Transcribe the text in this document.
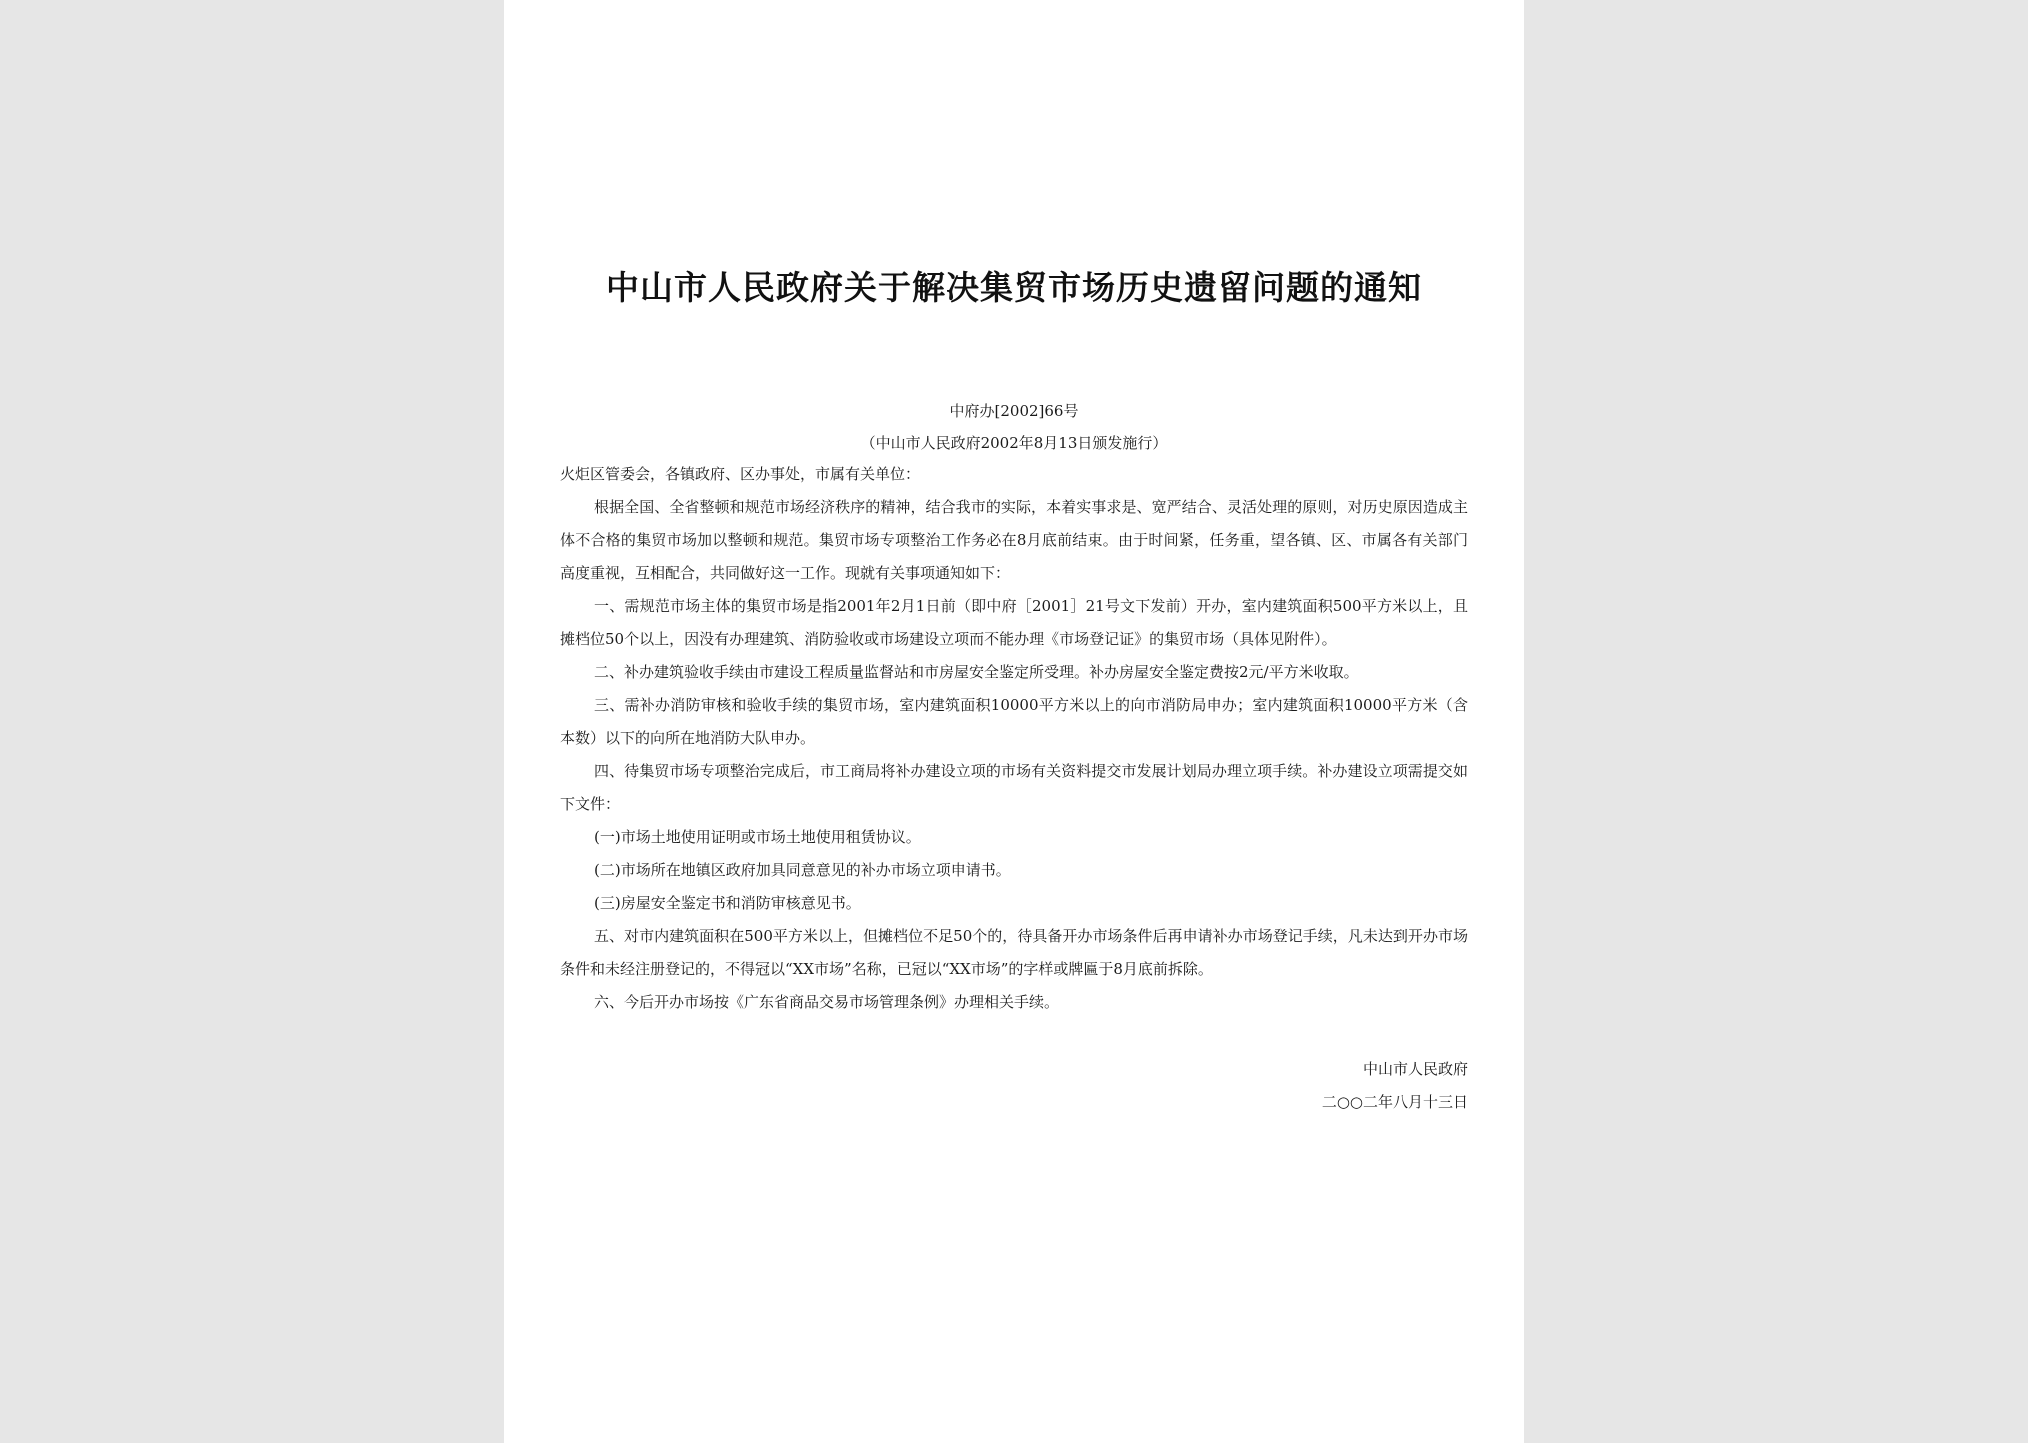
中山市人民政府关于解决集贸市场历史遗留问题的通知
中府办[2002]66号
（中山市人民政府2002年8月13日颁发施行）

火炬区管委会，各镇政府、区办事处，市属有关单位：

根据全国、全省整顿和规范市场经济秩序的精神，结合我市的实际，本着实事求是、宽严结合、灵活处理的原则，对历史原因造成主体不合格的集贸市场加以整顿和规范。集贸市场专项整治工作务必在8月底前结束。由于时间紧，任务重，望各镇、区、市属各有关部门高度重视，互相配合，共同做好这一工作。现就有关事项通知如下：

一、需规范市场主体的集贸市场是指2001年2月1日前（即中府［2001］21号文下发前）开办，室内建筑面积500平方米以上，且摊档位50个以上，因没有办理建筑、消防验收或市场建设立项而不能办理《市场登记证》的集贸市场（具体见附件）。

二、补办建筑验收手续由市建设工程质量监督站和市房屋安全鉴定所受理。补办房屋安全鉴定费按2元/平方米收取。

三、需补办消防审核和验收手续的集贸市场，室内建筑面积10000平方米以上的向市消防局申办；室内建筑面积10000平方米（含本数）以下的向所在地消防大队申办。

四、待集贸市场专项整治完成后，市工商局将补办建设立项的市场有关资料提交市发展计划局办理立项手续。补办建设立项需提交如下文件：

(一)市场土地使用证明或市场土地使用租赁协议。

(二)市场所在地镇区政府加具同意意见的补办市场立项申请书。

(三)房屋安全鉴定书和消防审核意见书。

五、对市内建筑面积在500平方米以上，但摊档位不足50个的，待具备开办市场条件后再申请补办市场登记手续，凡未达到开办市场条件和未经注册登记的，不得冠以“XX市场”名称，已冠以“XX市场”的字样或牌匾于8月底前拆除。

六、今后开办市场按《广东省商品交易市场管理条例》办理相关手续。

中山市人民政府
二○○二年八月十三日
